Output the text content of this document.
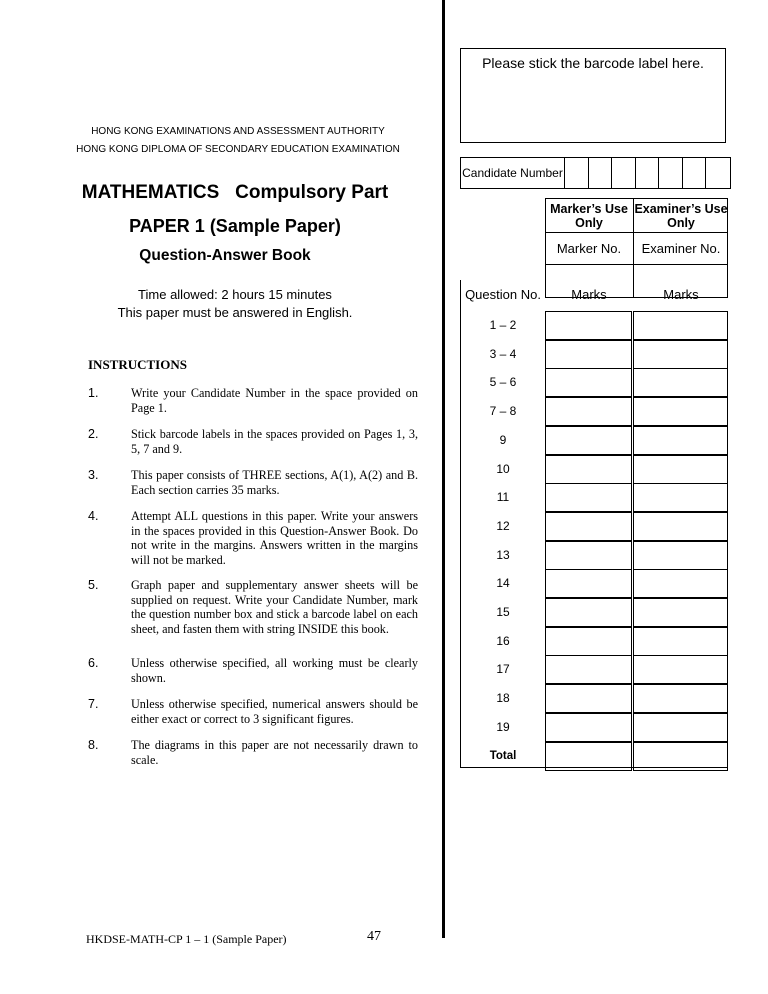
Please stick the barcode label here.
Candidate Number
HONG KONG EXAMINATIONS AND ASSESSMENT AUTHORITY
HONG KONG DIPLOMA OF SECONDARY EDUCATION EXAMINATION
MATHEMATICS   Compulsory Part
PAPER 1 (Sample Paper)
Question-Answer Book
Time allowed: 2 hours 15 minutes
This paper must be answered in English.
INSTRUCTIONS
1.	Write your Candidate Number in the space provided on Page 1.
2.	Stick barcode labels in the spaces provided on Pages 1, 3, 5, 7 and 9.
3.	This paper consists of THREE sections, A(1), A(2) and B. Each section carries 35 marks.
4.	Attempt ALL questions in this paper. Write your answers in the spaces provided in this Question-Answer Book. Do not write in the margins. Answers written in the margins will not be marked.
5.	Graph paper and supplementary answer sheets will be supplied on request. Write your Candidate Number, mark the question number box and stick a barcode label on each sheet, and fasten them with string INSIDE this book.
6.	Unless otherwise specified, all working must be clearly shown.
7.	Unless otherwise specified, numerical answers should be either exact or correct to 3 significant figures.
8.	The diagrams in this paper are not necessarily drawn to scale.
Marker’s Use Only
Examiner’s Use Only
Marker No.	Examiner No.
Question No.	Marks	Marks
1 – 2
3 – 4
5 – 6
7 – 8
9
10
11
12
13
14
15
16
17
18
19
Total
HKDSE-MATH-CP 1 – 1 (Sample Paper)	47
